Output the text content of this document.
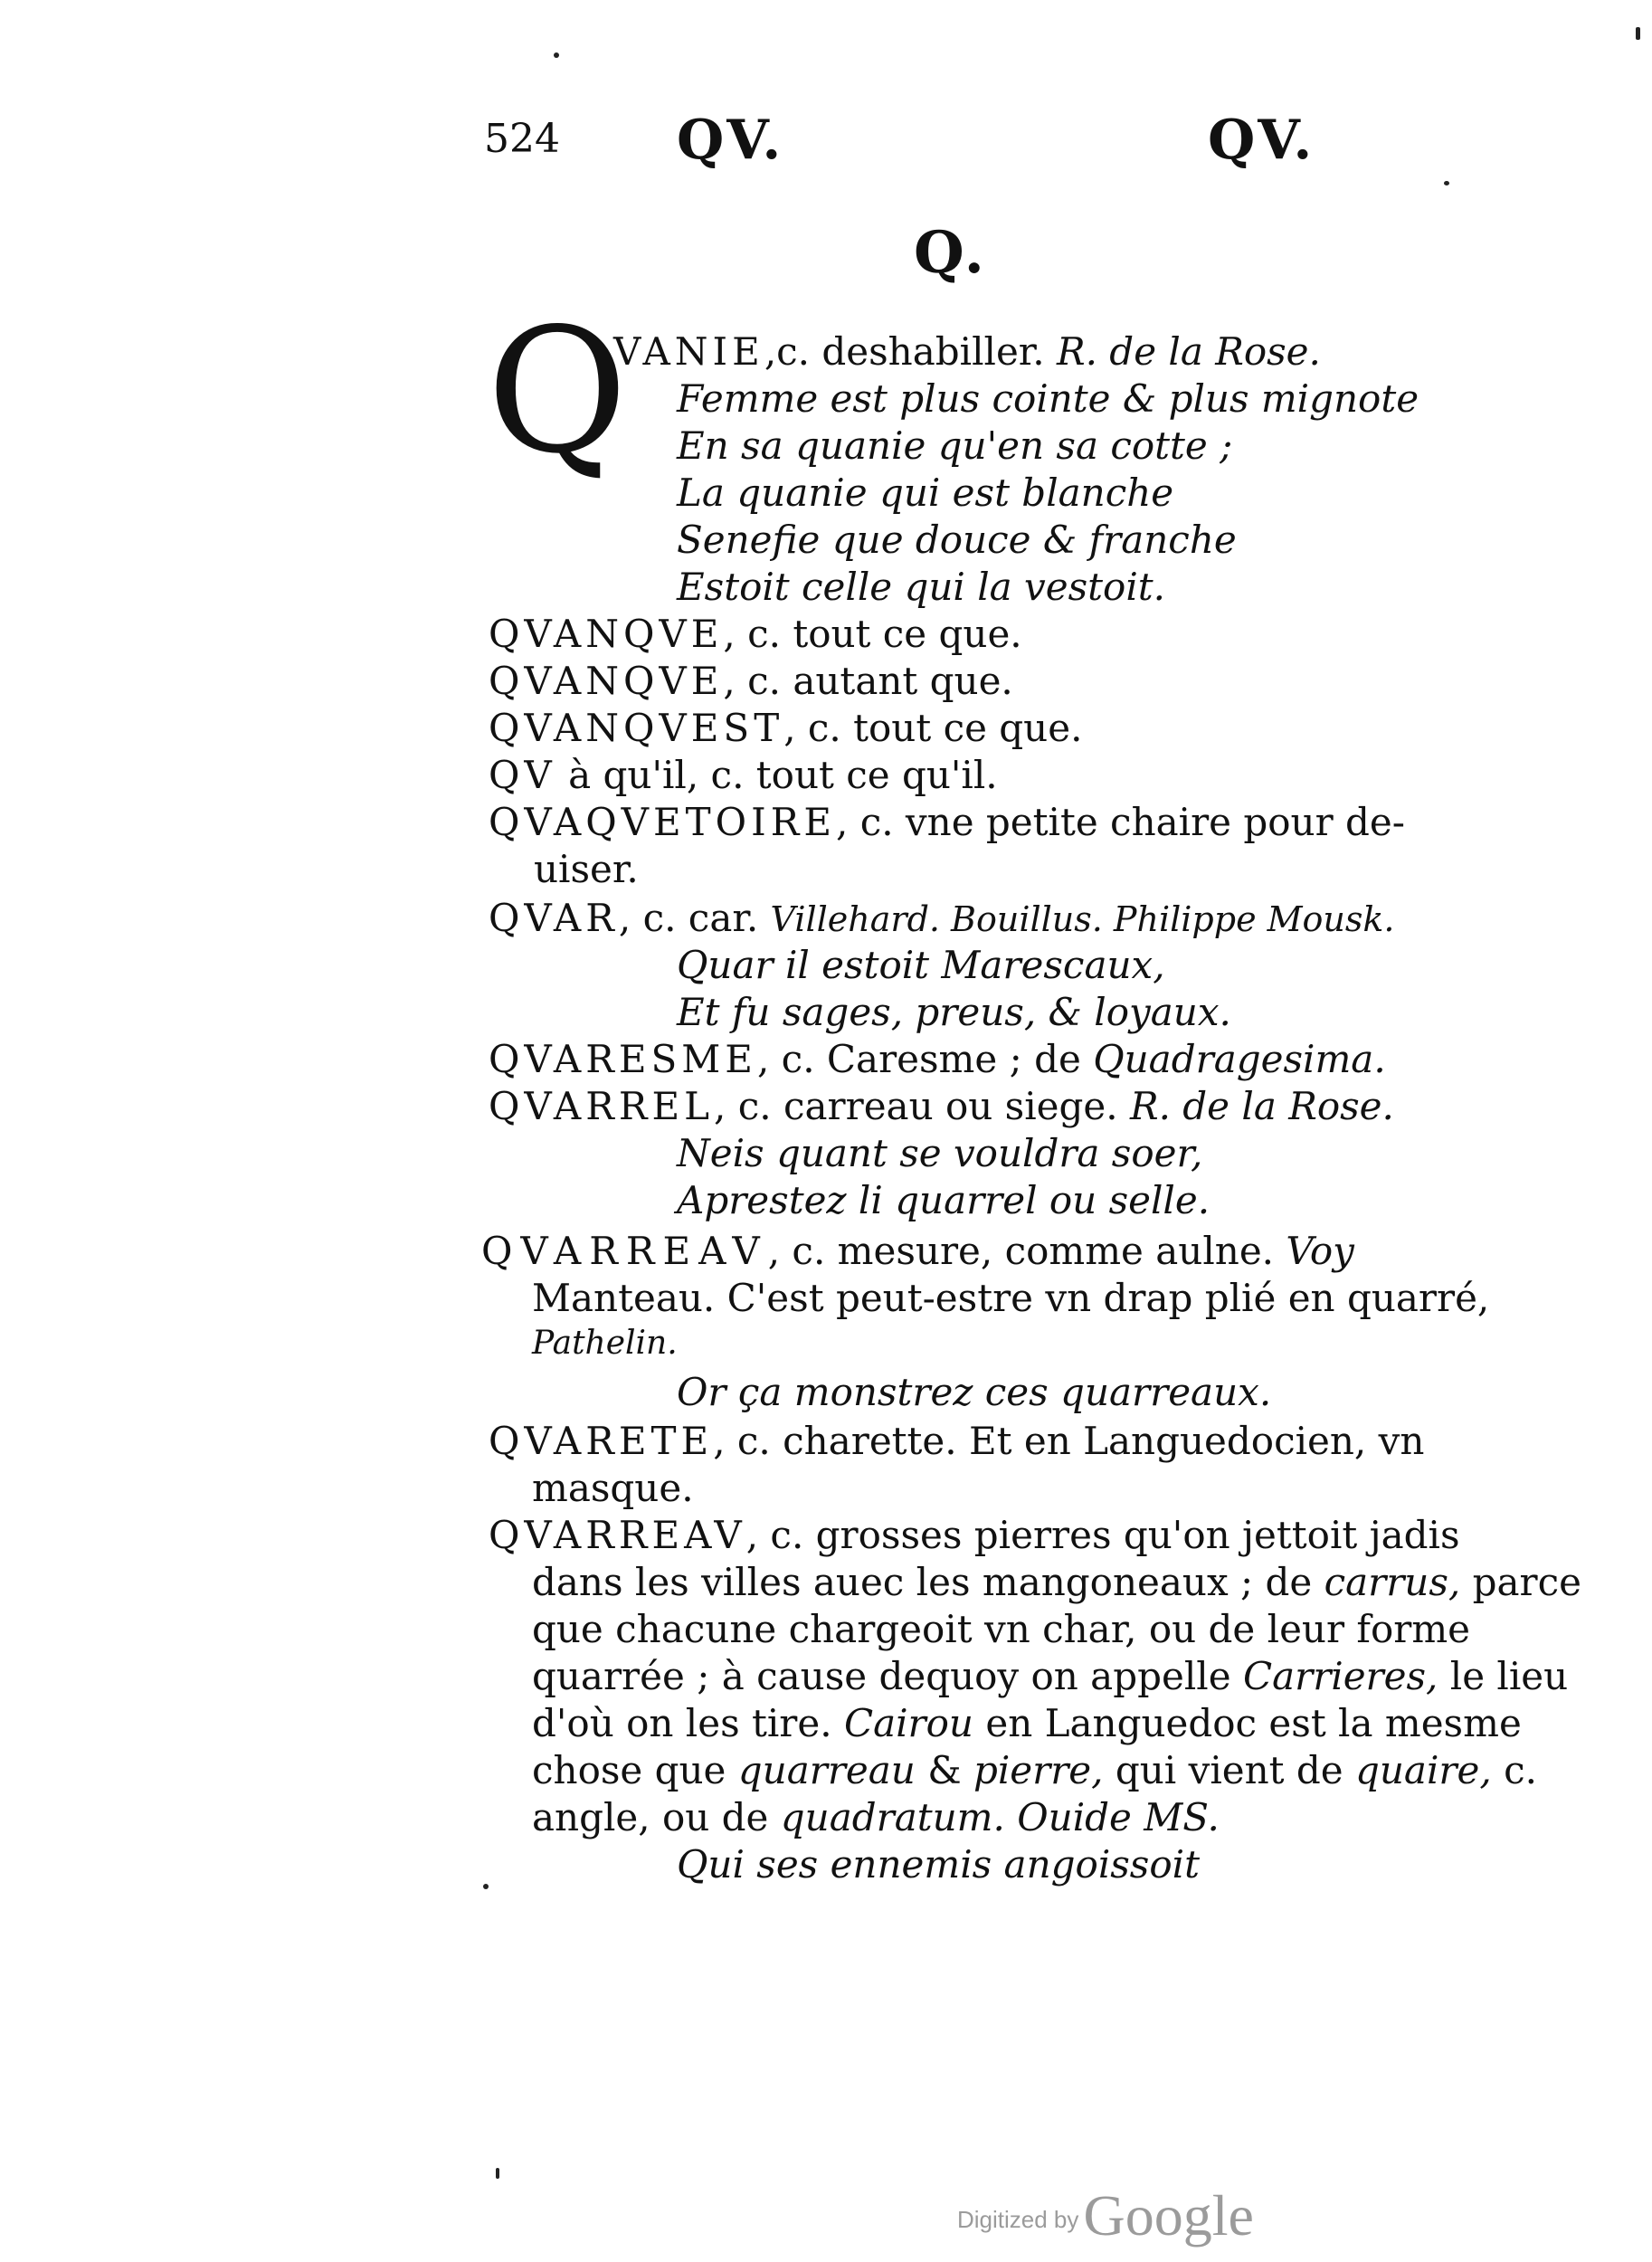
524 QV.	QV.
Q.
Q
VANIE,c. deshabiller. R. de la Rose.
Femme est plus cointe & plus mignote
En sa quanie qu'en sa cotte ;
La quanie qui est blanche
Senefie que douce & franche
Estoit celle qui la vestoit.
QVANQVE, c. tout ce que.
QVANQVE, c. autant que.
QVANQVEST, c. tout ce que.
QV à qu'il, c. tout ce qu'il.
QVAQVETOIRE, c. vne petite chaire pour de-
uiser.
QVAR, c. car. Villehard. Bouillus. Philippe Mousk.
Quar il estoit Marescaux,
Et fu sages, preus, & loyaux.
QVARESME, c. Caresme ; de Quadragesima.
QVARREL, c. carreau ou siege. R. de la Rose.
Neis quant se vouldra soer,
Aprestez li quarrel ou selle.
QVARREAV, c. mesure, comme aulne. Voy
Manteau. C'est peut-estre vn drap plié en quarré,
Pathelin.
Or ça monstrez ces quarreaux.
QVARETE, c. charette. Et en Languedocien, vn
masque.
QVARREAV, c. grosses pierres qu'on jettoit jadis
dans les villes auec les mangoneaux ; de carrus, parce
que chacune chargeoit vn char, ou de leur forme
quarrée ; à cause dequoy on appelle Carrieres, le lieu
d'où on les tire. Cairou en Languedoc est la mesme
chose que quarreau & pierre, qui vient de quaire, c.
angle, ou de quadratum. Ouide MS.
Qui ses ennemis angoissoit
Digitized by Google
